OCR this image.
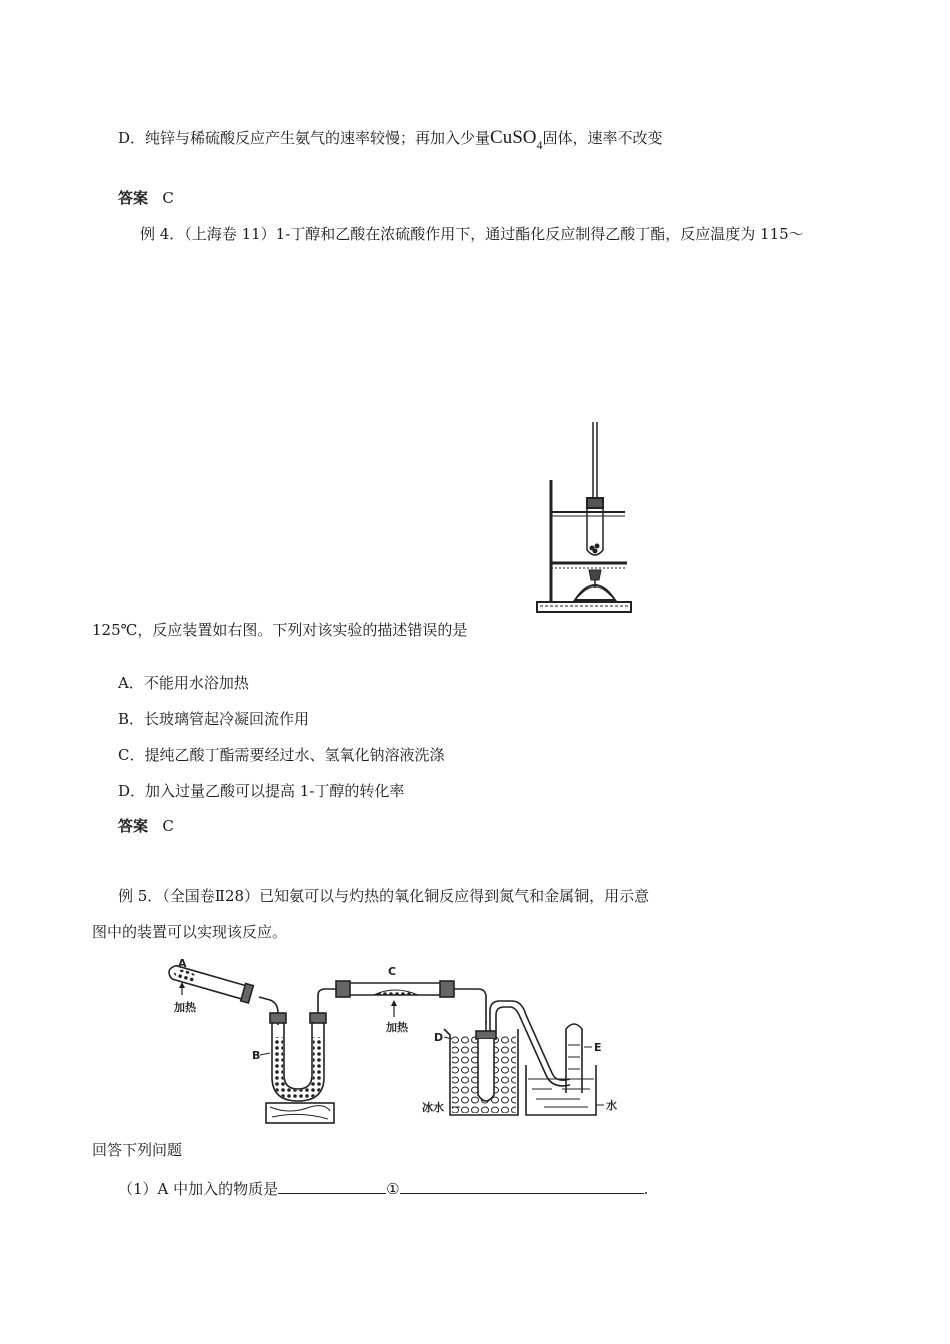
D．纯锌与稀硫酸反应产生氨气的速率较慢；再加入少量CuSO$_4$固体，速率不改变
答案 C
例 4．（上海卷 11）1-丁醇和乙酸在浓硫酸作用下，通过酯化反应制得乙酸丁酯，反应温度为 115～
125℃，反应装置如右图。下列对该实验的描述错误的是
A．不能用水浴加热
B．长玻璃管起冷凝回流作用
C．提纯乙酸丁酯需要经过水、氢氧化钠溶液洗涤
D．加入过量乙酸可以提高 1-丁醇的转化率
答案 C
例 5．（全国卷Ⅱ28）已知氨可以与灼热的氧化铜反应得到氮气和金属铜，用示意
图中的装置可以实现该反应。
A
加热
B
C
加热
D
E
冰水	水
回答下列问题
（1）A 中加入的物质是	①	.
